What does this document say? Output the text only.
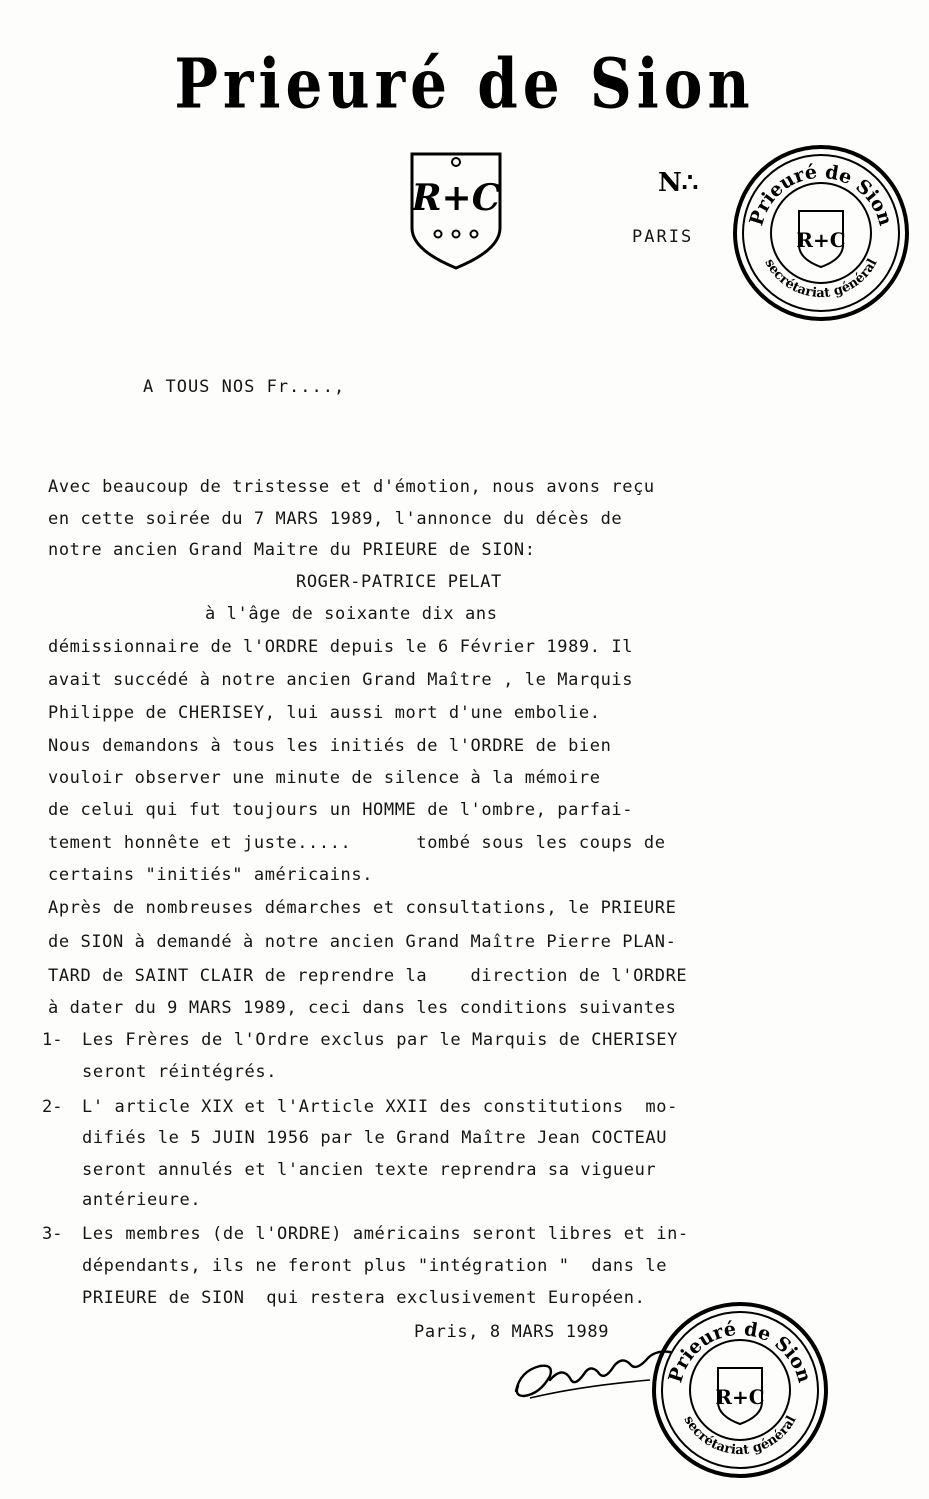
Prieuré de Sion
R+C	N∴
PARIS
Prieuré de Sion
secrétariat général
R+C
A TOUS NOS Fr....,
Avec beaucoup de tristesse et d'émotion, nous avons reçu
en cette soirée du 7 MARS 1989, l'annonce du décès de
notre ancien Grand Maitre du PRIEURE de SION:
ROGER-PATRICE PELAT
à l'âge de soixante dix ans
démissionnaire de l'ORDRE depuis le 6 Février 1989. Il
avait succédé à notre ancien Grand Maître , le Marquis
Philippe de CHERISEY, lui aussi mort d'une embolie.
Nous demandons à tous les initiés de l'ORDRE de bien
vouloir observer une minute de silence à la mémoire
de celui qui fut toujours un HOMME de l'ombre, parfai-
tement honnête et juste.....      tombé sous les coups de
certains "initiés" américains.
Après de nombreuses démarches et consultations, le PRIEURE
de SION à demandé à notre ancien Grand Maître Pierre PLAN-
TARD de SAINT CLAIR de reprendre la    direction de l'ORDRE
à dater du 9 MARS 1989, ceci dans les conditions suivantes
1- Les Frères de l'Ordre exclus par le Marquis de CHERISEY
seront réintégrés.
2- L' article XIX et l'Article XXII des constitutions  mo-
difiés le 5 JUIN 1956 par le Grand Maître Jean COCTEAU
seront annulés et l'ancien texte reprendra sa vigueur
antérieure.
3- Les membres (de l'ORDRE) américains seront libres et in-
dépendants, ils ne feront plus "intégration "  dans le
PRIEURE de SION  qui restera exclusivement Européen.
Paris, 8 MARS 1989
Prieuré de Sion
secrétariat général
R+C
